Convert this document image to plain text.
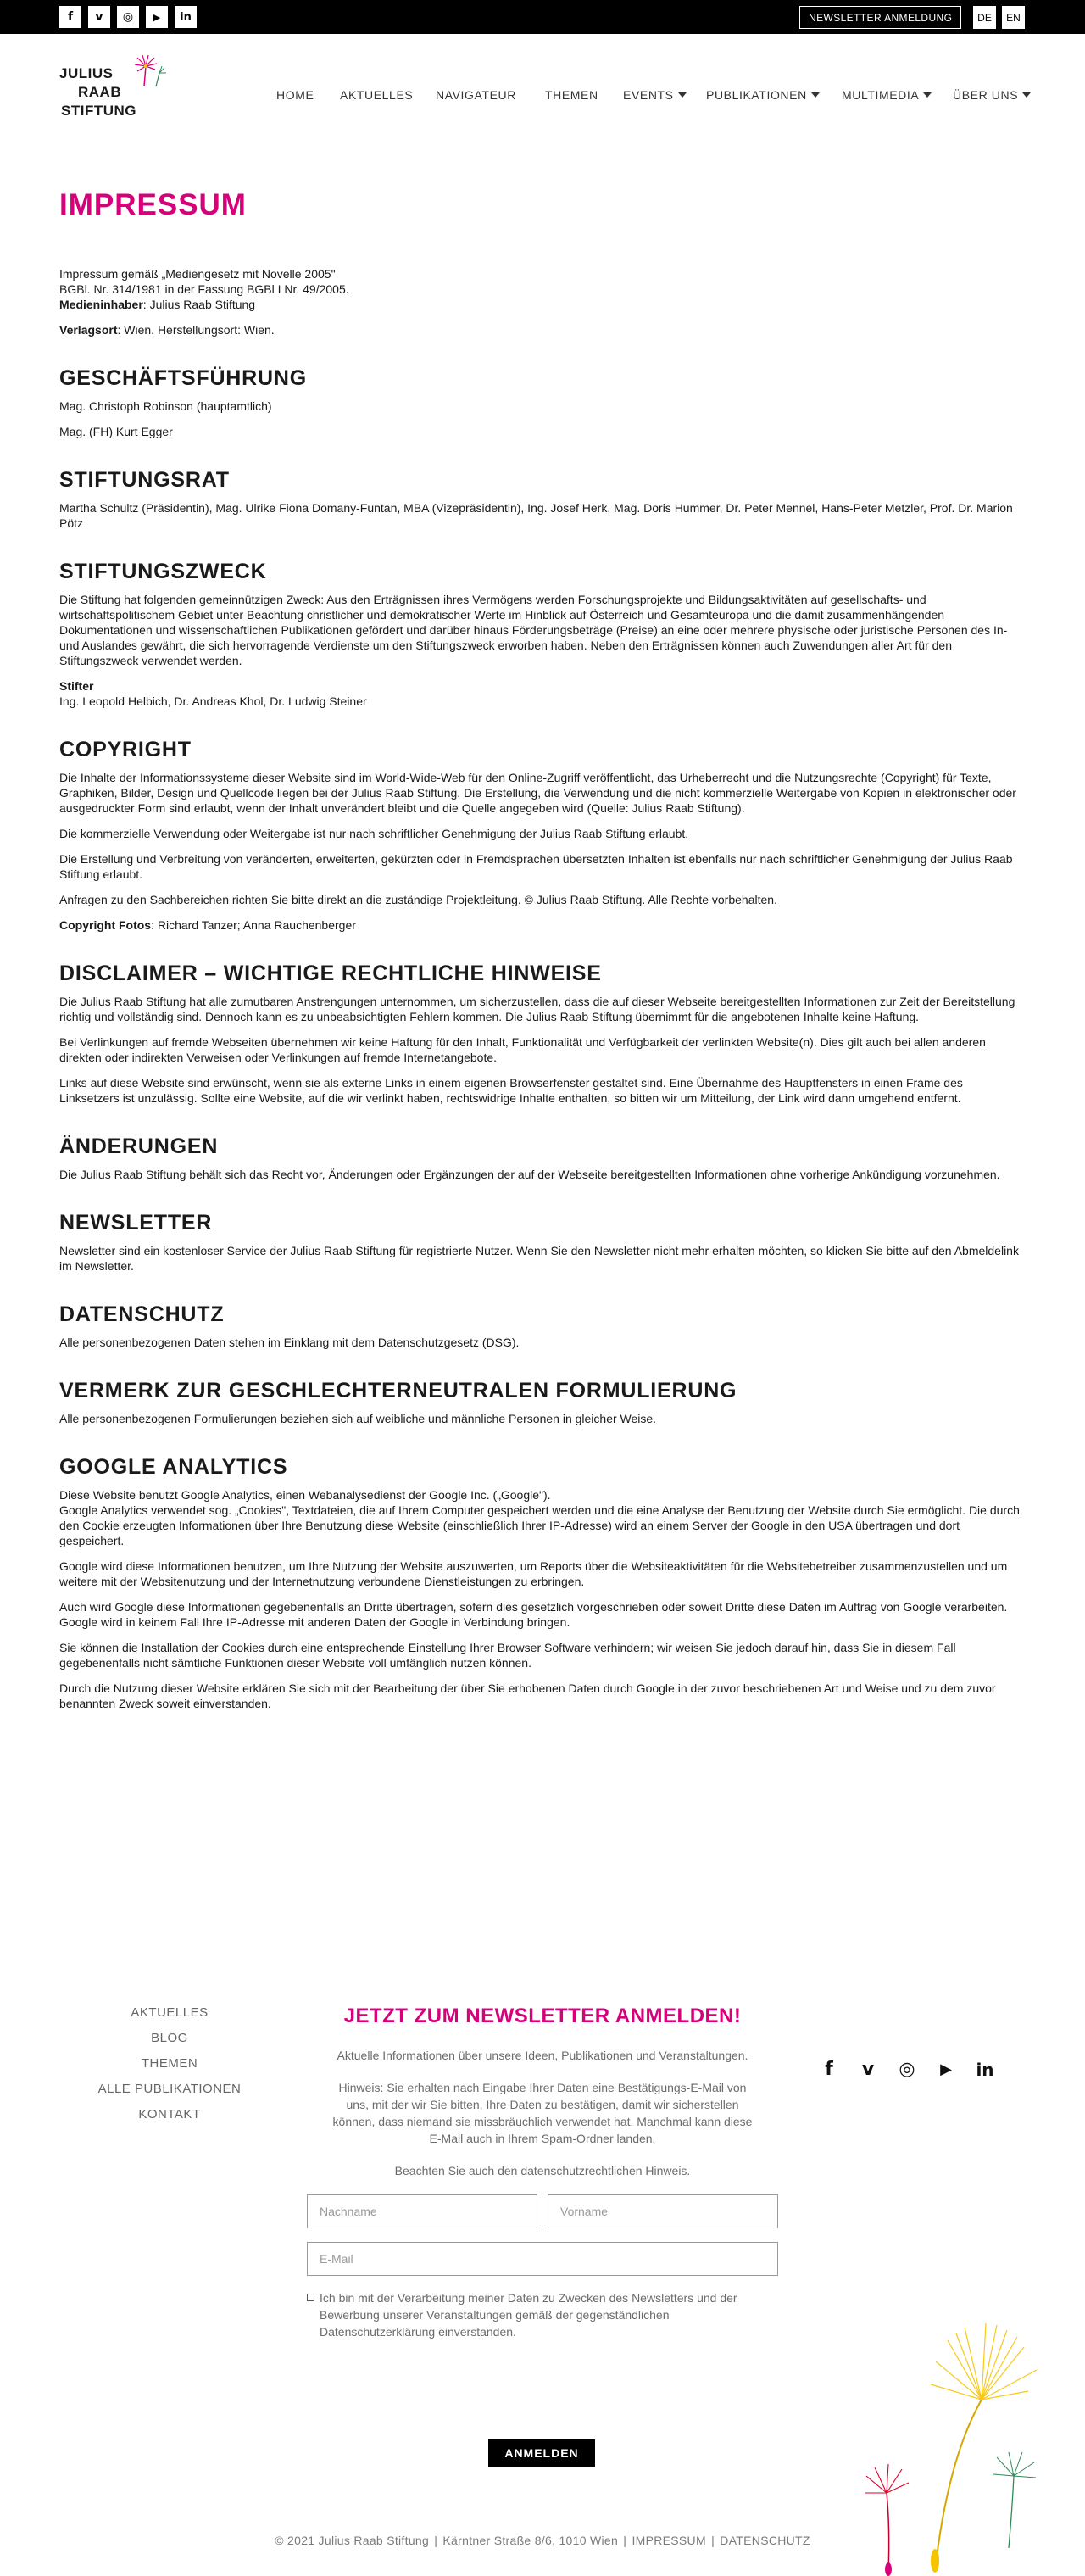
f	v	◎	▶	in	NEWSLETTER ANMELDUNG	DE	EN
JULIUS
RAAB
STIFTUNG
HOME AKTUELLES NAVIGATEUR THEMEN EVENTS	PUBLIKATIONEN	MULTIMEDIA	ÜBER UNS
IMPRESSUM

Impressum gemäß „Mediengesetz mit Novelle 2005"

BGBl. Nr. 314/1981 in der Fassung BGBl I Nr. 49/2005.

Medieninhaber: Julius Raab Stiftung

Verlagsort: Wien. Herstellungsort: Wien.

GESCHÄFTSFÜHRUNG

Mag. Christoph Robinson (hauptamtlich)

Mag. (FH) Kurt Egger

STIFTUNGSRAT

Martha Schultz (Präsidentin), Mag. Ulrike Fiona Domany-Funtan, MBA (Vizepräsidentin), Ing. Josef Herk, Mag. Doris Hummer, Dr. Peter Mennel, Hans-Peter Metzler, Prof. Dr. Marion Pötz

STIFTUNGSZWECK

Die Stiftung hat folgenden gemeinnützigen Zweck: Aus den Erträgnissen ihres Vermögens werden Forschungsprojekte und Bildungsaktivitäten auf gesellschafts- und wirtschaftspolitischem Gebiet unter Beachtung christlicher und demokratischer Werte im Hinblick auf Österreich und Gesamteuropa und die damit zusammenhängenden Dokumentationen und wissenschaftlichen Publikationen gefördert und darüber hinaus Förderungsbeträge (Preise) an eine oder mehrere physische oder juristische Personen des In- und Auslandes gewährt, die sich hervorragende Verdienste um den Stiftungszweck erworben haben. Neben den Erträgnissen können auch Zuwendungen aller Art für den Stiftungszweck verwendet werden.

Stifter

Ing. Leopold Helbich, Dr. Andreas Khol, Dr. Ludwig Steiner

COPYRIGHT

Die Inhalte der Informationssysteme dieser Website sind im World-Wide-Web für den Online-Zugriff veröffentlicht, das Urheberrecht und die Nutzungsrechte (Copyright) für Texte, Graphiken, Bilder, Design und Quellcode liegen bei der Julius Raab Stiftung. Die Erstellung, die Verwendung und die nicht kommerzielle Weitergabe von Kopien in elektronischer oder ausgedruckter Form sind erlaubt, wenn der Inhalt unverändert bleibt und die Quelle angegeben wird (Quelle: Julius Raab Stiftung).

Die kommerzielle Verwendung oder Weitergabe ist nur nach schriftlicher Genehmigung der Julius Raab Stiftung erlaubt.

Die Erstellung und Verbreitung von veränderten, erweiterten, gekürzten oder in Fremdsprachen übersetzten Inhalten ist ebenfalls nur nach schriftlicher Genehmigung der Julius Raab Stiftung erlaubt.

Anfragen zu den Sachbereichen richten Sie bitte direkt an die zuständige Projektleitung. © Julius Raab Stiftung. Alle Rechte vorbehalten.

Copyright Fotos: Richard Tanzer; Anna Rauchenberger

DISCLAIMER – WICHTIGE RECHTLICHE HINWEISE

Die Julius Raab Stiftung hat alle zumutbaren Anstrengungen unternommen, um sicherzustellen, dass die auf dieser Webseite bereitgestellten Informationen zur Zeit der Bereitstellung richtig und vollständig sind. Dennoch kann es zu unbeabsichtigten Fehlern kommen. Die Julius Raab Stiftung übernimmt für die angebotenen Inhalte keine Haftung.

Bei Verlinkungen auf fremde Webseiten übernehmen wir keine Haftung für den Inhalt, Funktionalität und Verfügbarkeit der verlinkten Website(n). Dies gilt auch bei allen anderen direkten oder indirekten Verweisen oder Verlinkungen auf fremde Internetangebote.

Links auf diese Website sind erwünscht, wenn sie als externe Links in einem eigenen Browserfenster gestaltet sind. Eine Übernahme des Hauptfensters in einen Frame des Linksetzers ist unzulässig. Sollte eine Website, auf die wir verlinkt haben, rechtswidrige Inhalte enthalten, so bitten wir um Mitteilung, der Link wird dann umgehend entfernt.

ÄNDERUNGEN

Die Julius Raab Stiftung behält sich das Recht vor, Änderungen oder Ergänzungen der auf der Webseite bereitgestellten Informationen ohne vorherige Ankündigung vorzunehmen.

NEWSLETTER

Newsletter sind ein kostenloser Service der Julius Raab Stiftung für registrierte Nutzer. Wenn Sie den Newsletter nicht mehr erhalten möchten, so klicken Sie bitte auf den Abmeldelink im Newsletter.

DATENSCHUTZ

Alle personenbezogenen Daten stehen im Einklang mit dem Datenschutzgesetz (DSG).

VERMERK ZUR GESCHLECHTERNEUTRALEN FORMULIERUNG

Alle personenbezogenen Formulierungen beziehen sich auf weibliche und männliche Personen in gleicher Weise.

GOOGLE ANALYTICS

Diese Website benutzt Google Analytics, einen Webanalysedienst der Google Inc. („Google").

Google Analytics verwendet sog. „Cookies", Textdateien, die auf Ihrem Computer gespeichert werden und die eine Analyse der Benutzung der Website durch Sie ermöglicht. Die durch den Cookie erzeugten Informationen über Ihre Benutzung diese Website (einschließlich Ihrer IP-Adresse) wird an einem Server der Google in den USA übertragen und dort gespeichert.

Google wird diese Informationen benutzen, um Ihre Nutzung der Website auszuwerten, um Reports über die Websiteaktivitäten für die Websitebetreiber zusammenzustellen und um weitere mit der Websitenutzung und der Internetnutzung verbundene Dienstleistungen zu erbringen.

Auch wird Google diese Informationen gegebenenfalls an Dritte übertragen, sofern dies gesetzlich vorgeschrieben oder soweit Dritte diese Daten im Auftrag von Google verarbeiten. Google wird in keinem Fall Ihre IP-Adresse mit anderen Daten der Google in Verbindung bringen.

Sie können die Installation der Cookies durch eine entsprechende Einstellung Ihrer Browser Software verhindern; wir weisen Sie jedoch darauf hin, dass Sie in diesem Fall gegebenenfalls nicht sämtliche Funktionen dieser Website voll umfänglich nutzen können.

Durch die Nutzung dieser Website erklären Sie sich mit der Bearbeitung der über Sie erhobenen Daten durch Google in der zuvor beschriebenen Art und Weise und zu dem zuvor benannten Zweck soweit einverstanden.

AKTUELLES
BLOG
THEMEN
ALLE PUBLIKATIONEN
KONTAKT
JETZT ZUM NEWSLETTER ANMELDEN!

Aktuelle Informationen über unsere Ideen, Publikationen und Veranstaltungen.

Hinweis: Sie erhalten nach Eingabe Ihrer Daten eine Bestätigungs-E-Mail von uns, mit der wir Sie bitten, Ihre Daten zu bestätigen, damit wir sicherstellen können, dass niemand sie missbräuchlich verwendet hat. Manchmal kann diese E-Mail auch in Ihrem Spam-Ordner landen.

Beachten Sie auch den datenschutzrechtlichen Hinweis.

Nachname	Vorname
E-Mail
Ich bin mit der Verarbeitung meiner Daten zu Zwecken des Newsletters und der Bewerbung unserer Veranstaltungen gemäß der gegenständlichen Datenschutzerklärung einverstanden.
ANMELDEN
f	v ◎ ▶ in
© 2021 Julius Raab Stiftung | Kärntner Straße 8/6, 1010 Wien | IMPRESSUM | DATENSCHUTZ
